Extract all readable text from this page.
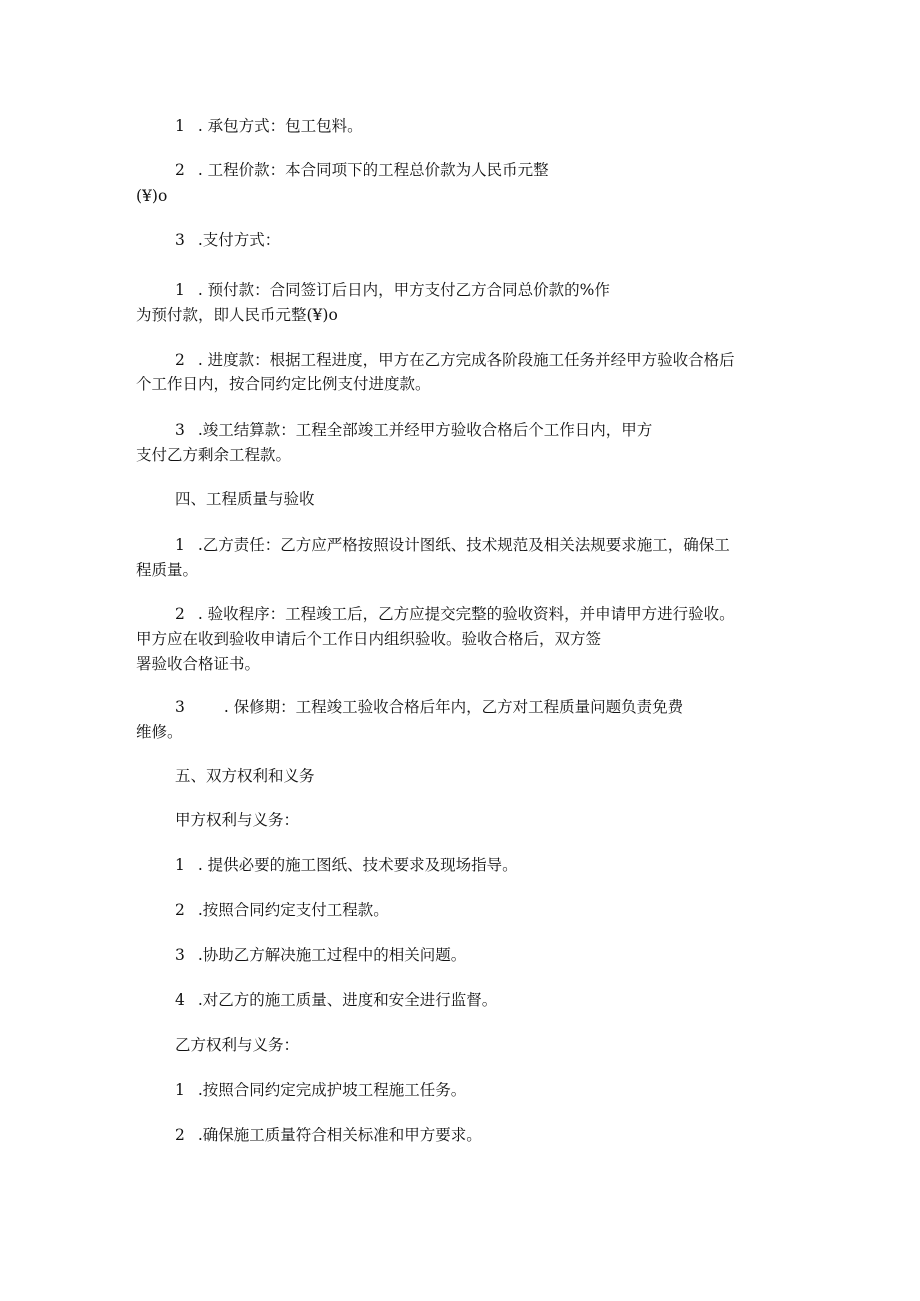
1 . 承包方式：包工包料。
2 . 工程价款：本合同项下的工程总价款为人民币元整
(¥)o
3 .支付方式：
1 . 预付款：合同签订后日内，甲方支付乙方合同总价款的%作
为预付款，即人民币元整(¥)o
2 . 进度款：根据工程进度，甲方在乙方完成各阶段施工任务并经甲方验收合格后
个工作日内，按合同约定比例支付进度款。
3 .竣工结算款：工程全部竣工并经甲方验收合格后个工作日内，甲方
支付乙方剩余工程款。
四、工程质量与验收
1 .乙方责任：乙方应严格按照设计图纸、技术规范及相关法规要求施工，确保工
程质量。
2 . 验收程序：工程竣工后，乙方应提交完整的验收资料，并申请甲方进行验收。
甲方应在收到验收申请后个工作日内组织验收。验收合格后，双方签
署验收合格证书。
3	. 保修期：工程竣工验收合格后年内，乙方对工程质量问题负责免费
维修。
五、双方权利和义务
甲方权利与义务：
1 . 提供必要的施工图纸、技术要求及现场指导。
2 .按照合同约定支付工程款。
3 .协助乙方解决施工过程中的相关问题。
4 .对乙方的施工质量、进度和安全进行监督。
乙方权利与义务：
1 .按照合同约定完成护坡工程施工任务。
2 .确保施工质量符合相关标准和甲方要求。
